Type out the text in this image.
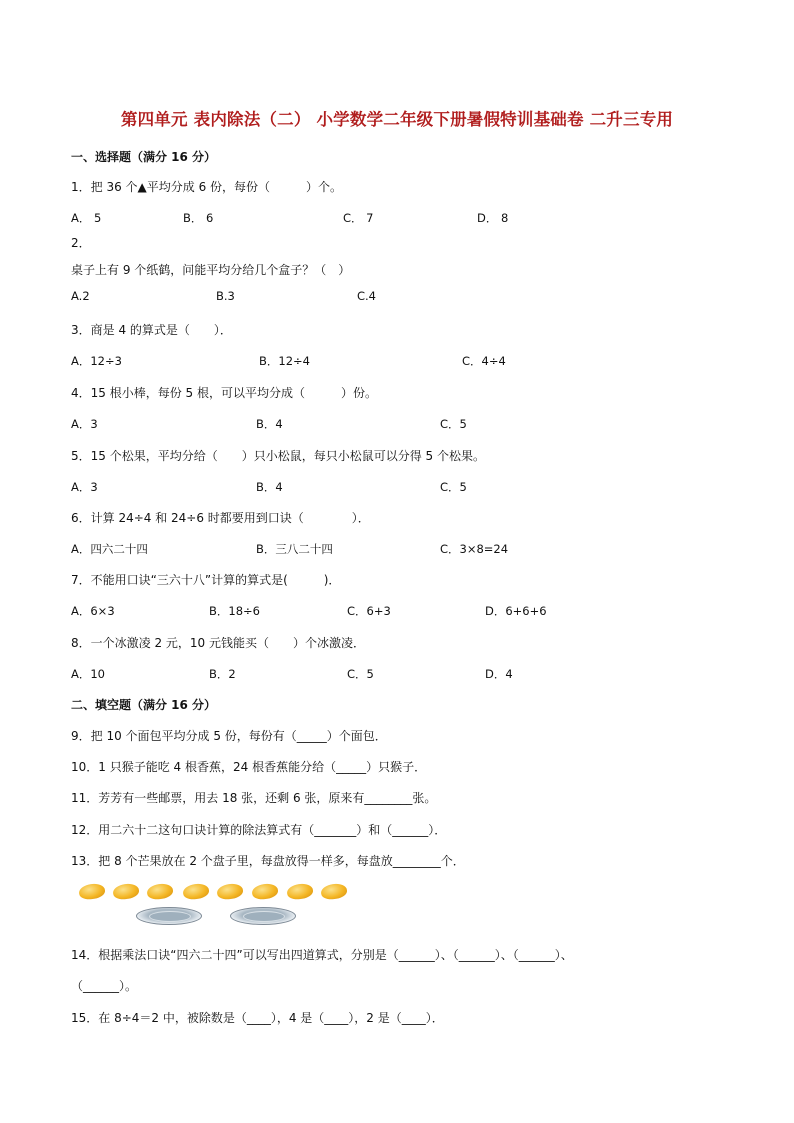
第四单元 表内除法（二） 小学数学二年级下册暑假特训基础卷 二升三专用
一、选择题（满分 16 分）
1．把 36 个▲平均分成 6 份，每份（　　　）个。
A． 5	B． 6	C． 7	D． 8
2．
桌子上有 9 个纸鹤，问能平均分给几个盒子？（　）
A.2	B.3	C.4
3．商是 4 的算式是（　　）．
A．12÷3	B．12÷4	C．4÷4
4．15 根小棒，每份 5 根，可以平均分成（　　　）份。
A．3	B．4	C．5
5．15 个松果，平均分给（　　）只小松鼠，每只小松鼠可以分得 5 个松果。
A．3	B．4	C．5
6．计算 24÷4 和 24÷6 时都要用到口诀（　　　　）．
A．四六二十四	B．三八二十四	C．3×8=24
7．不能用口诀“三六十八”计算的算式是(　　　)．
A．6×3	B．18÷6	C．6+3	D．6+6+6
8．一个冰激凌 2 元，10 元钱能买（　　）个冰激凌．
A．10	B．2	C．5	D．4
二、填空题（满分 16 分）
9．把 10 个面包平均分成 5 份，每份有（_____）个面包．
10．1 只猴子能吃 4 根香蕉，24 根香蕉能分给（_____）只猴子．
11．芳芳有一些邮票，用去 18 张，还剩 6 张，原来有________张。
12．用二六十二这句口诀计算的除法算式有（_______）和（______）．
13．把 8 个芒果放在 2 个盘子里，每盘放得一样多，每盘放________个．
14．根据乘法口诀“四六二十四”可以写出四道算式，分别是（______）、（______）、（______）、
（______）。
15．在 8÷4＝2 中，被除数是（____），4 是（____），2 是（____）．
